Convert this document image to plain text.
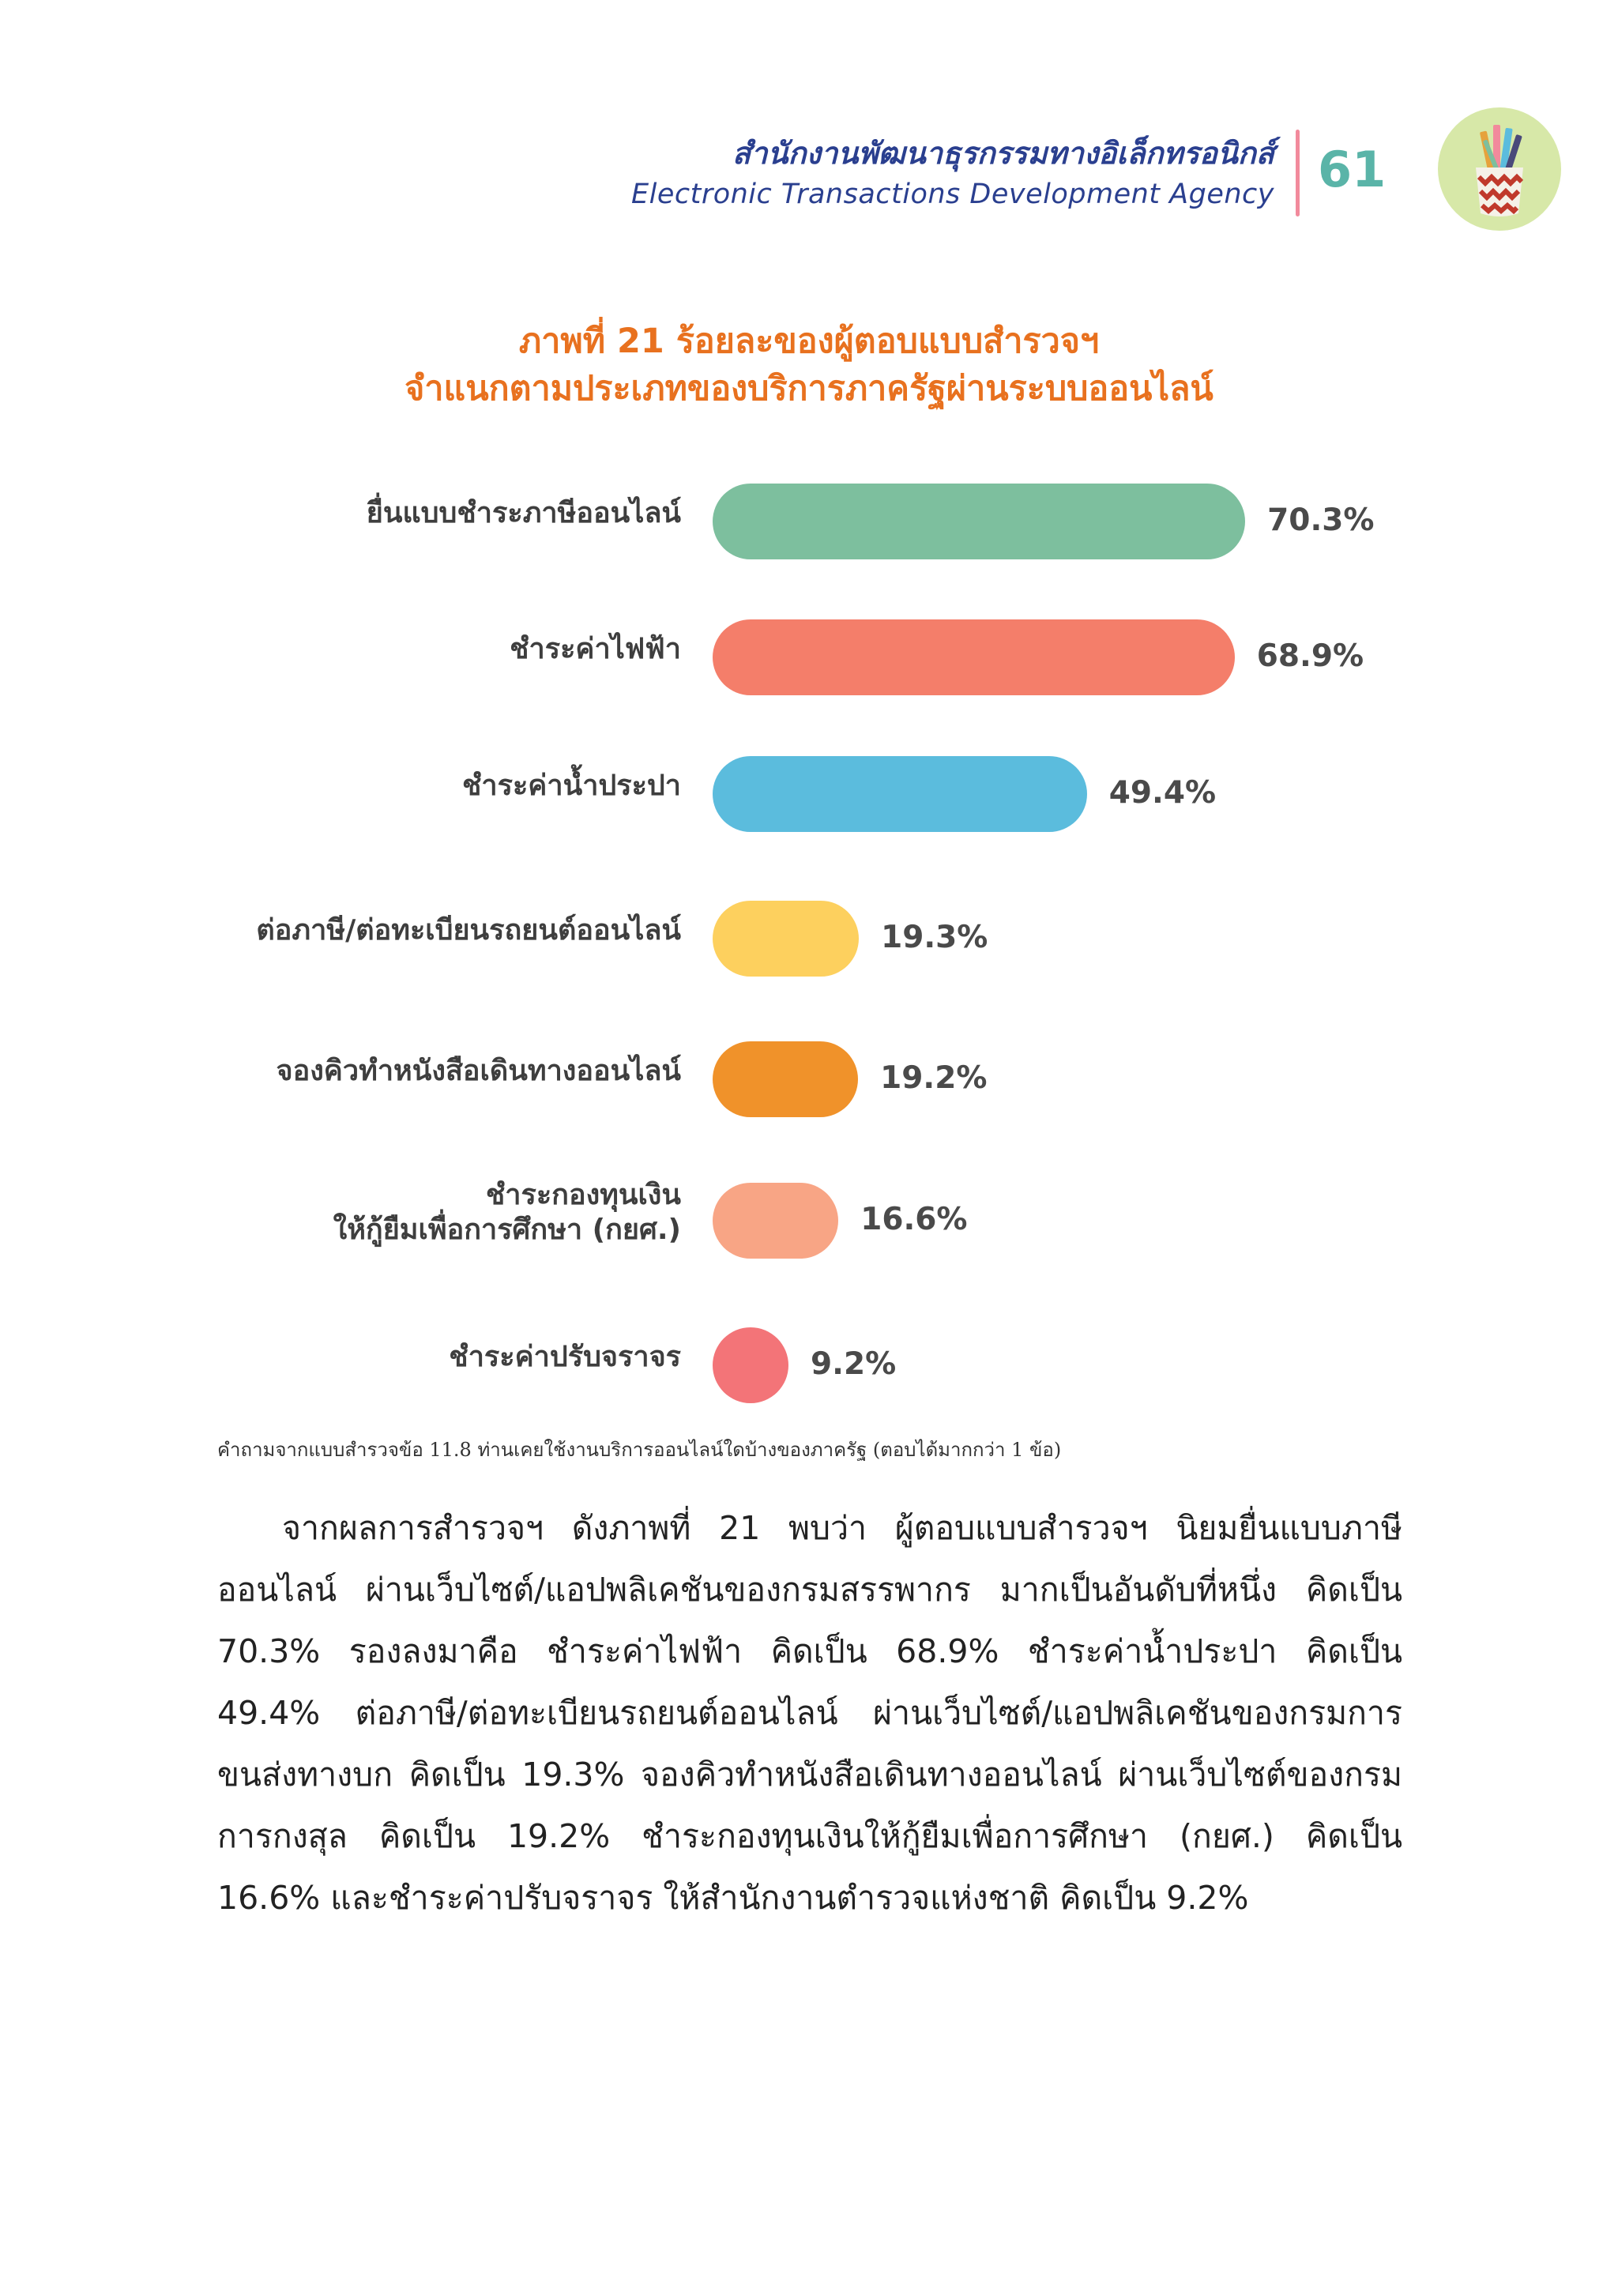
สำนักงานพัฒนาธุรกรรมทางอิเล็กทรอนิกส์
Electronic Transactions Development Agency 61
ภาพที่ 21 ร้อยละของผู้ตอบแบบสำรวจฯ
จำแนกตามประเภทของบริการภาครัฐผ่านระบบออนไลน์
ยื่นแบบชำระภาษีออนไลน์	70.3%
ชำระค่าไฟฟ้า	68.9%
ชำระค่าน้ำประปา	49.4%
ต่อภาษี/ต่อทะเบียนรถยนต์ออนไลน์	19.3%
จองคิวทำหนังสือเดินทางออนไลน์	19.2%
ชำระกองทุนเงิน
ให้กู้ยืมเพื่อการศึกษา (กยศ.)	16.6%
ชำระค่าปรับจราจร	9.2%
คำถามจากแบบสำรวจข้อ 11.8 ท่านเคยใช้งานบริการออนไลน์ใดบ้างของภาครัฐ (ตอบได้มากกว่า 1 ข้อ)
จากผลการสำรวจฯ ดังภาพที่ 21 พบว่า ผู้ตอบแบบสำรวจฯ นิยมยื่นแบบภาษีออนไลน์ ผ่านเว็บไซต์/แอปพลิเคชันของกรมสรรพากร มากเป็นอันดับที่หนึ่ง คิดเป็น 70.3% รองลงมาคือ ชำระค่าไฟฟ้า คิดเป็น 68.9% ชำระค่าน้ำประปา คิดเป็น 49.4% ต่อภาษี/ต่อทะเบียนรถยนต์ออนไลน์ ผ่านเว็บไซต์/แอปพลิเคชันของกรมการขนส่งทางบก คิดเป็น 19.3% จองคิวทำหนังสือเดินทางออนไลน์ ผ่านเว็บไซต์ของกรมการกงสุล คิดเป็น 19.2% ชำระกองทุนเงินให้กู้ยืมเพื่อการศึกษา (กยศ.) คิดเป็น 16.6% และชำระค่าปรับจราจร ให้สำนักงานตำรวจแห่งชาติ คิดเป็น 9.2%
